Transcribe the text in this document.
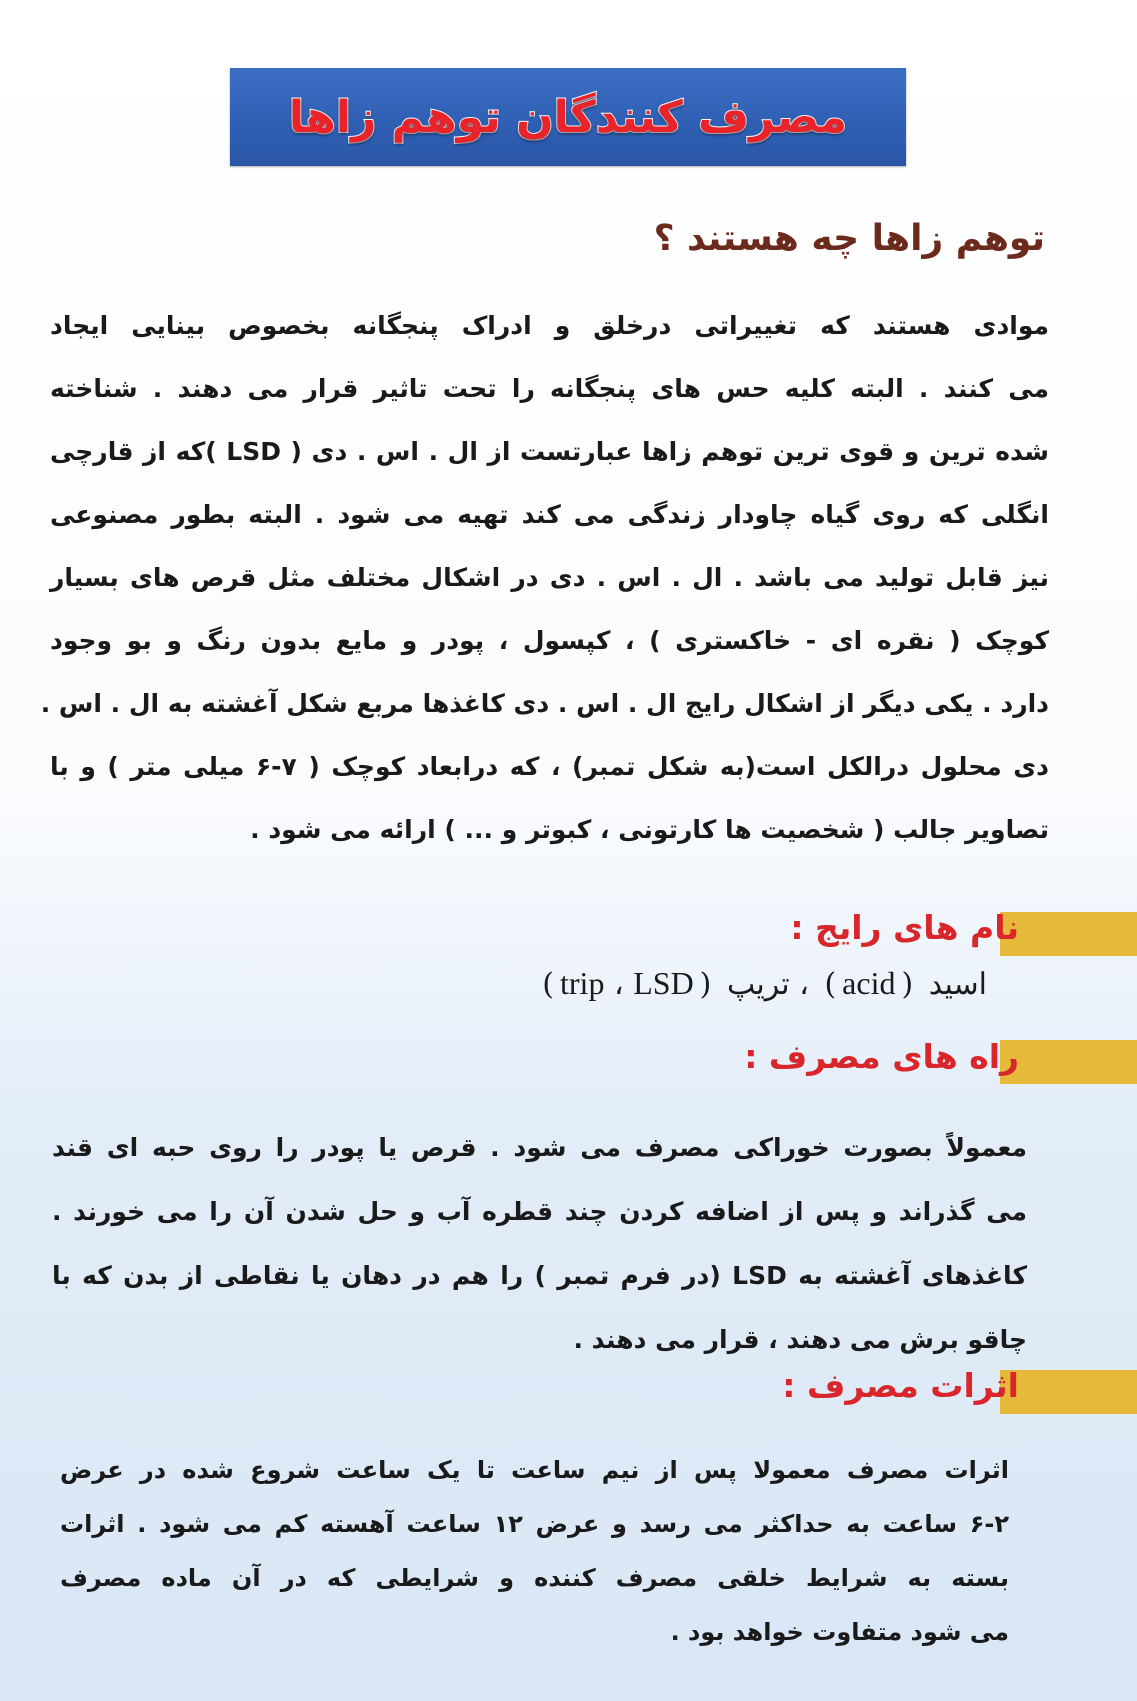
مصرف کنندگان توهم زاها
توهم زاها چه هستند ؟
موادی هستند که تغییراتی درخلق و ادراک پنجگانه بخصوص بینایی ایجاد
می کنند . البته کلیه حس های پنجگانه را تحت تاثیر قرار می دهند . شناخته
شده ترین و قوی ترین توهم زاها عبارتست از ال . اس . دی ( LSD )که از قارچی
انگلی که روی گیاه چاودار زندگی می کند تهیه می شود . البته بطور مصنوعی
نیز قابل تولید می باشد . ال . اس . دی در اشکال مختلف مثل قرص های بسیار
کوچک ( نقره ای - خاکستری ) ، کپسول ، پودر و مایع بدون رنگ و بو وجود
دارد . یکی دیگر از اشکال رایج ال . اس . دی کاغذها مربع شکل آغشته به ال . اس .
دی محلول درالکل است(به شکل تمبر) ، که درابعاد کوچک ( ۷-۶ میلی متر ) و با
تصاویر جالب ( شخصیت ها کارتونی ، کبوتر و ... ) ارائه می شود .
نام های رایج :
اسید (acid) ، تریپ (trip ، LSD)
راه های مصرف :
معمولاً بصورت خوراکی مصرف می شود . قرص یا پودر را روی حبه ای قند
می گذراند و پس از اضافه کردن چند قطره آب و حل شدن آن را می خورند .
کاغذهای آغشته به LSD (در فرم تمبر ) را هم در دهان یا نقاطی از بدن که با
چاقو برش می دهند ، قرار می دهند .
اثرات مصرف :
اثرات مصرف معمولا پس از نیم ساعت تا یک ساعت شروع شده در عرض
۶-۲ ساعت به حداکثر می رسد و عرض ۱۲ ساعت آهسته کم می شود . اثرات
بسته به شرایط خلقی مصرف کننده و شرایطی که در آن ماده مصرف
می شود متفاوت خواهد بود .
